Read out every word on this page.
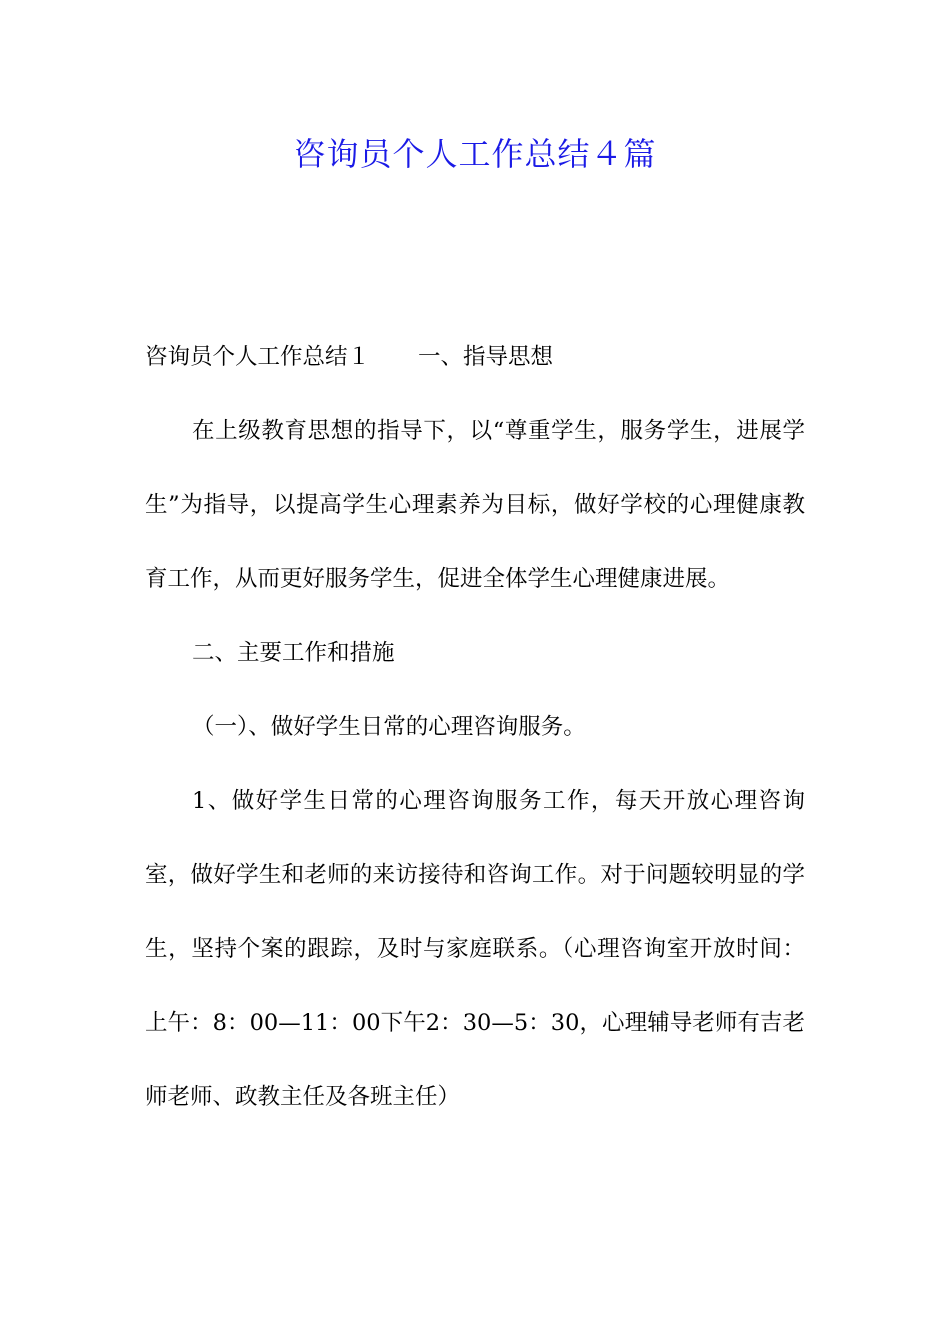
咨询员个人工作总结４篇

咨询员个人工作总结１ 一、指导思想

在上级教育思想的指导下，以“尊重学生，服务学生，进展学生”为指导，以提高学生心理素养为目标，做好学校的心理健康教育工作，从而更好服务学生，促进全体学生心理健康进展。

二、主要工作和措施

（一）、做好学生日常的心理咨询服务。

1、做好学生日常的心理咨询服务工作，每天开放心理咨询室，做好学生和老师的来访接待和咨询工作。对于问题较明显的学生，坚持个案的跟踪，及时与家庭联系。（心理咨询室开放时间：上午：8：00—11：00下午2：30—5：30，心理辅导老师有吉老师老师、政教主任及各班主任）
